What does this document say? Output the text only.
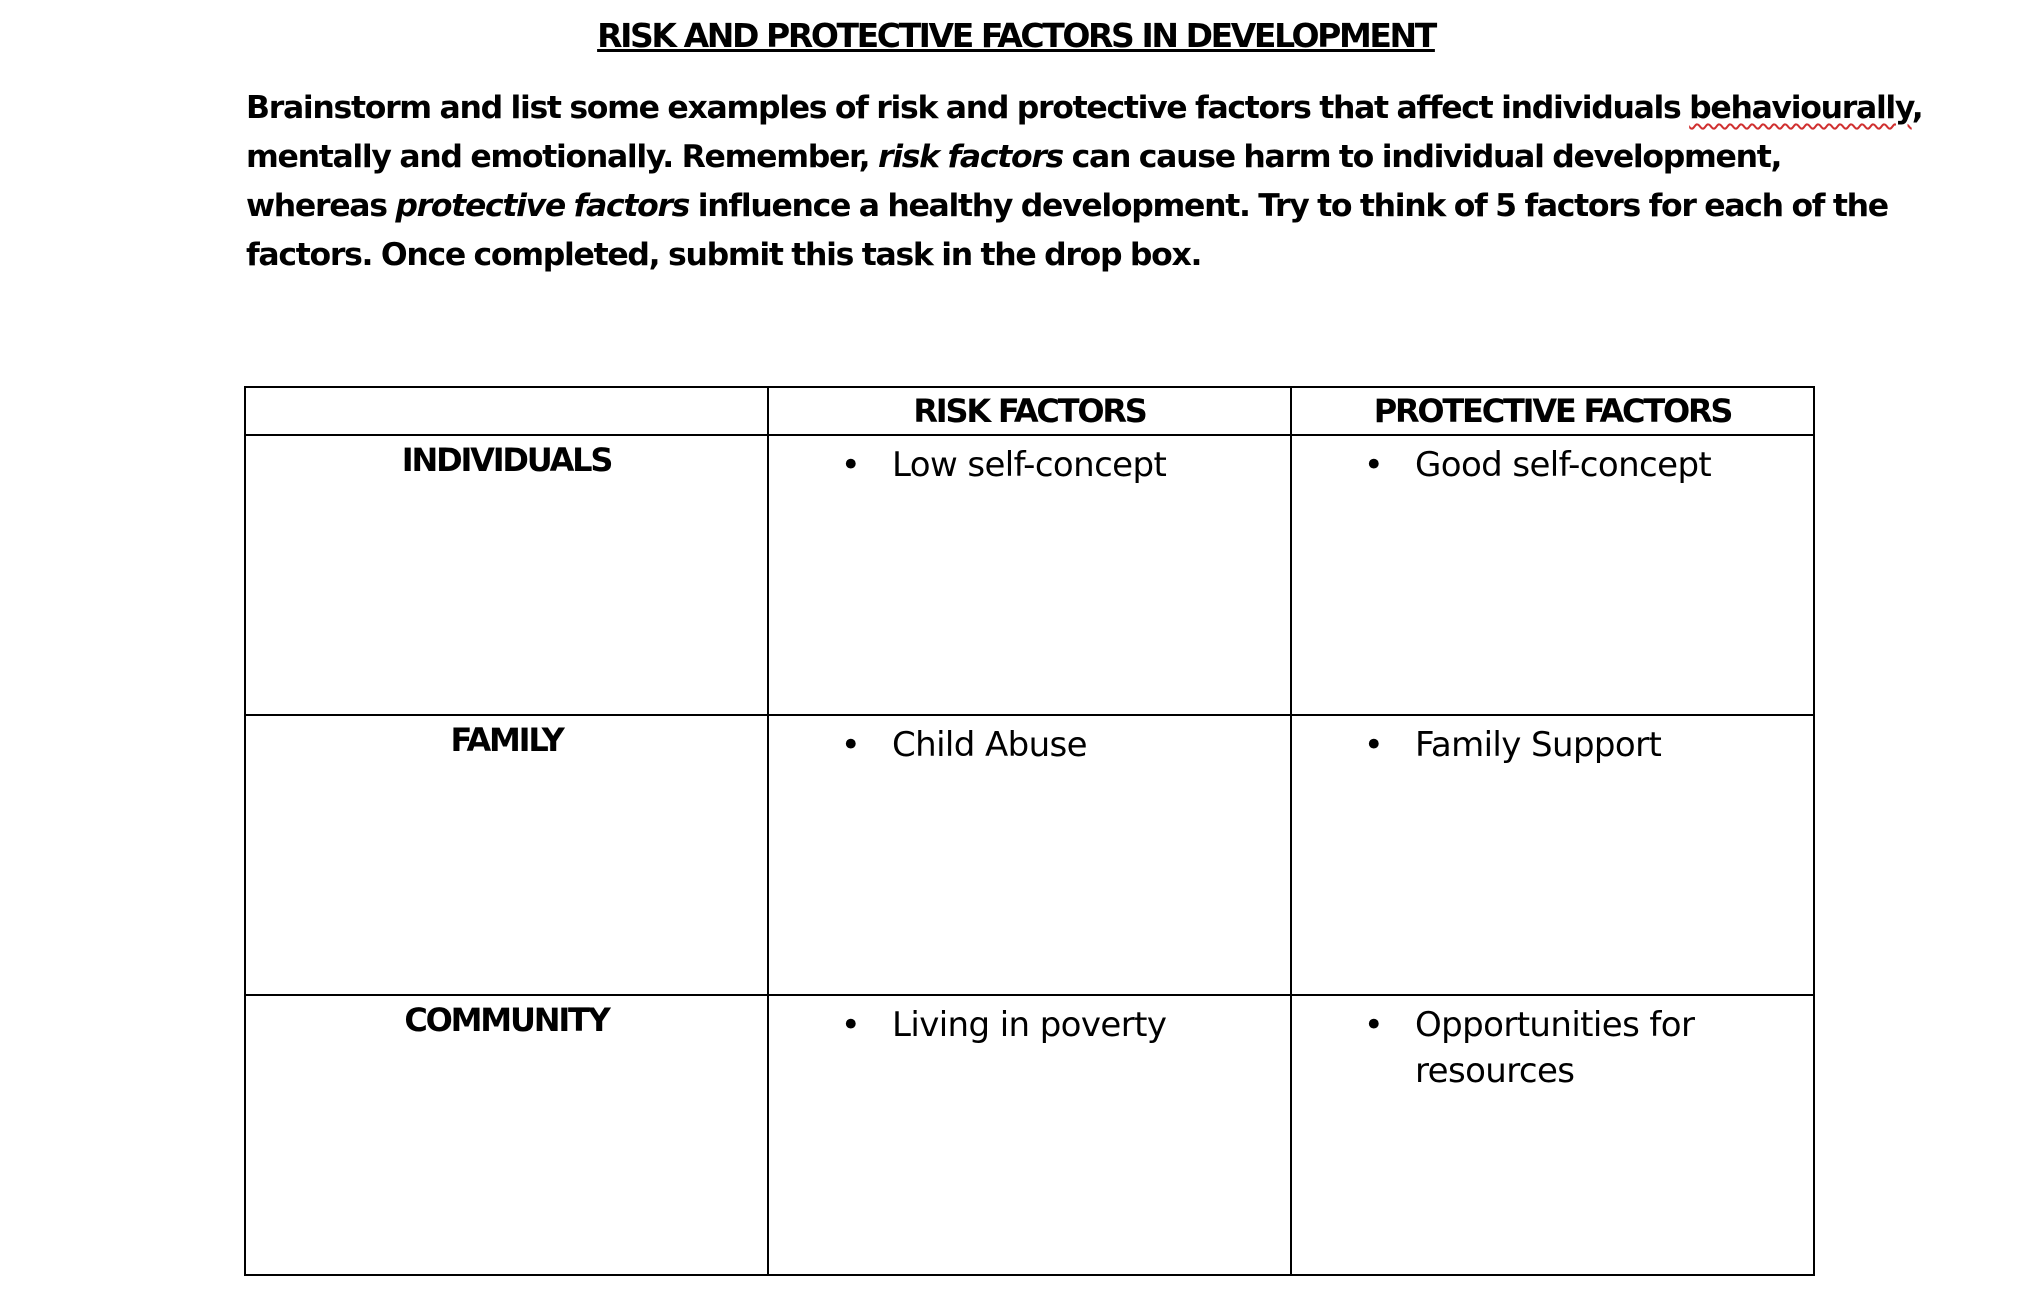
RISK AND PROTECTIVE FACTORS IN DEVELOPMENT
Brainstorm and list some examples of risk and protective factors that affect individuals behaviourally,
mentally and emotionally. Remember, risk factors can cause harm to individual development,
whereas protective factors influence a healthy development. Try to think of 5 factors for each of the
factors. Once completed, submit this task in the drop box.
	RISK FACTORS	PROTECTIVE FACTORS
INDIVIDUALS	• Low self-concept	• Good self-concept

FAMILY	• Child Abuse	• Family Support

COMMUNITY	• Living in poverty	• Opportunities for resources
